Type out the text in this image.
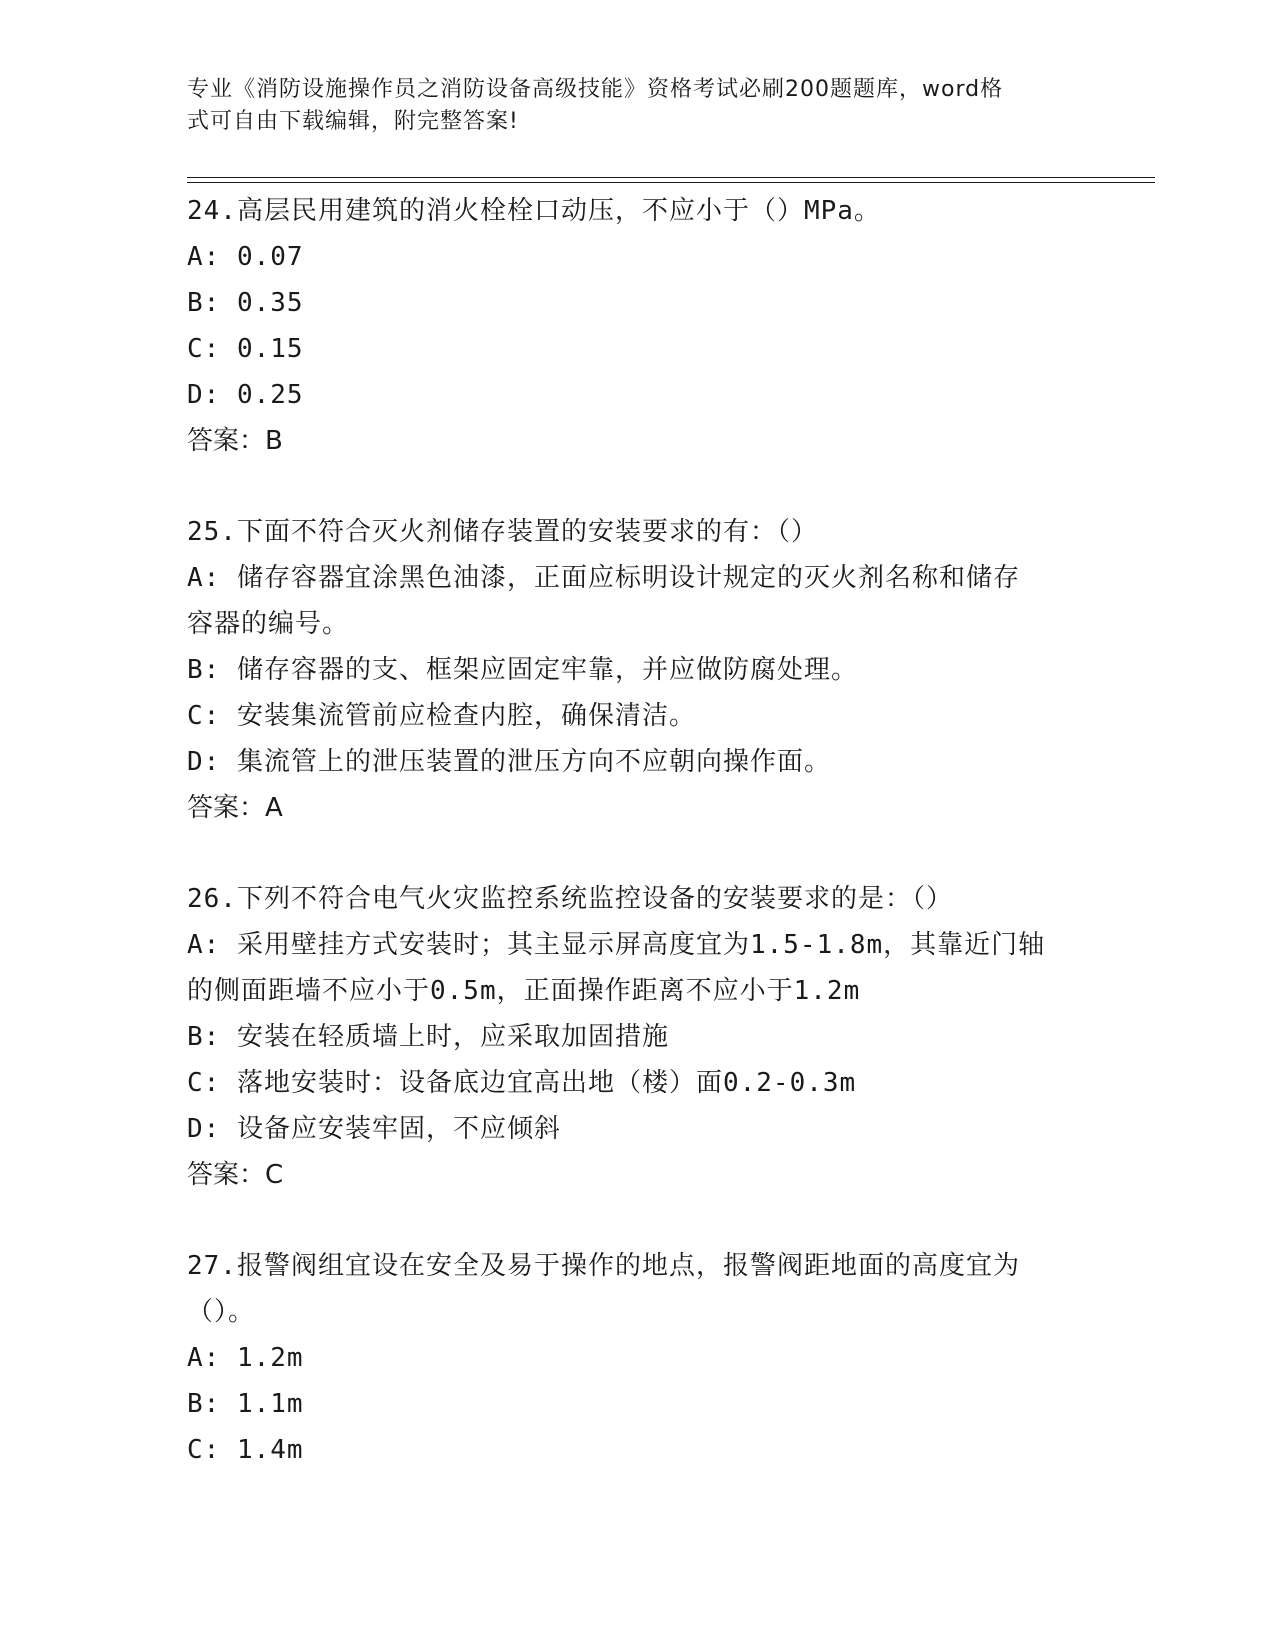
专业《消防设施操作员之消防设备高级技能》资格考试必刷200题题库，word格
式可自由下载编辑，附完整答案!
24.高层民用建筑的消火栓栓口动压，不应小于（）MPa。
A: 0.07
B: 0.35
C: 0.15
D: 0.25
答案：B
25.下面不符合灭火剂储存装置的安装要求的有：（）
A: 储存容器宜涂黑色油漆，正面应标明设计规定的灭火剂名称和储存
容器的编号。
B: 储存容器的支、框架应固定牢靠，并应做防腐处理。
C: 安装集流管前应检查内腔，确保清洁。
D: 集流管上的泄压装置的泄压方向不应朝向操作面。
答案：A
26.下列不符合电气火灾监控系统监控设备的安装要求的是：（）
A: 采用壁挂方式安装时；其主显示屏高度宜为1.5-1.8m，其靠近门轴
的侧面距墙不应小于0.5m，正面操作距离不应小于1.2m
B: 安装在轻质墙上时，应采取加固措施
C: 落地安装时：设备底边宜高出地（楼）面0.2-0.3m
D: 设备应安装牢固，不应倾斜
答案：C
27.报警阀组宜设在安全及易于操作的地点，报警阀距地面的高度宜为
（）。
A: 1.2m
B: 1.1m
C: 1.4m
